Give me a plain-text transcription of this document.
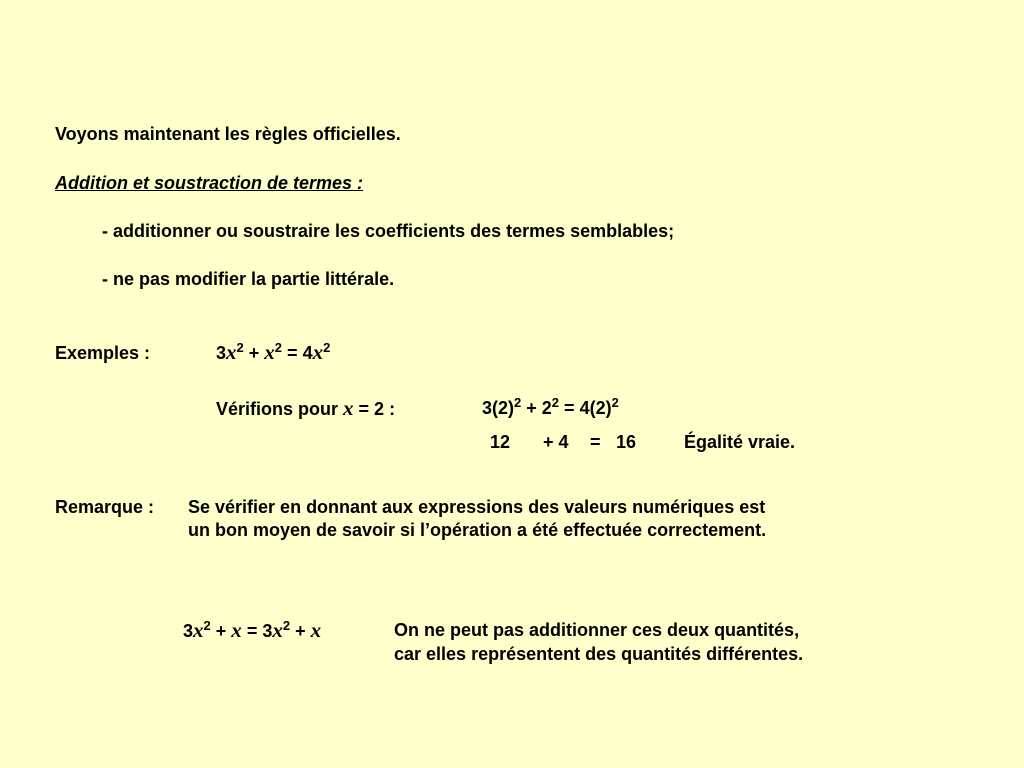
Voyons maintenant les règles officielles.
Addition et soustraction de termes :
- additionner ou soustraire les coefficients des termes semblables;
- ne pas modifier la partie littérale.
Exemples :	$3x^2 + x^2 = 4x^2$
Vérifions pour x = 2 :	$3(2)^2 + 2^2 = 4(2)^2$
12 + 4 = 16	Égalité vraie.
Remarque : Se vérifier en donnant aux expressions des valeurs numériques est
un bon moyen de savoir si l’opération a été effectuée correctement.
$3x^2 + x = 3x^2 + x$	On ne peut pas additionner ces deux quantités,
car elles représentent des quantités différentes.
